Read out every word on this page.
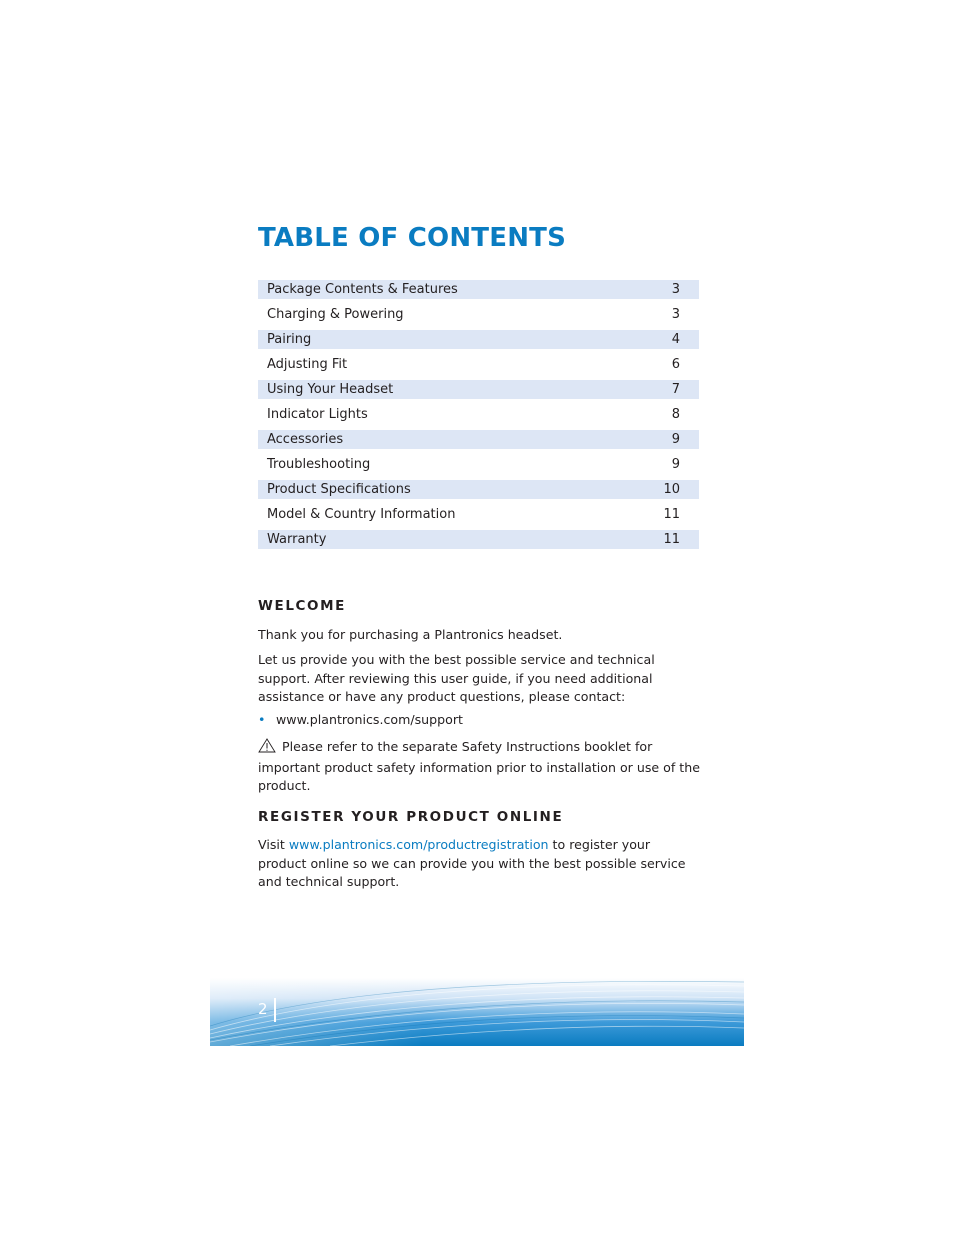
TABLE OF CONTENTS
Package Contents & Features	3
Charging & Powering	3
Pairing	4
Adjusting Fit	6
Using Your Headset	7
Indicator Lights	8
Accessories	9
Troubleshooting	9
Product Specifications	10
Model & Country Information	11
Warranty	11
WELCOME

Thank you for purchasing a Plantronics headset.

Let us provide you with the best possible service and technical support. After reviewing this user guide, if you need additional assistance or have any product questions, please contact:

• www.plantronics.com/support

Please refer to the separate Safety Instructions booklet for important product safety information prior to installation or use of the product.

REGISTER YOUR PRODUCT ONLINE

Visit www.plantronics.com/productregistration to register your product online so we can provide you with the best possible service and technical support.

2
